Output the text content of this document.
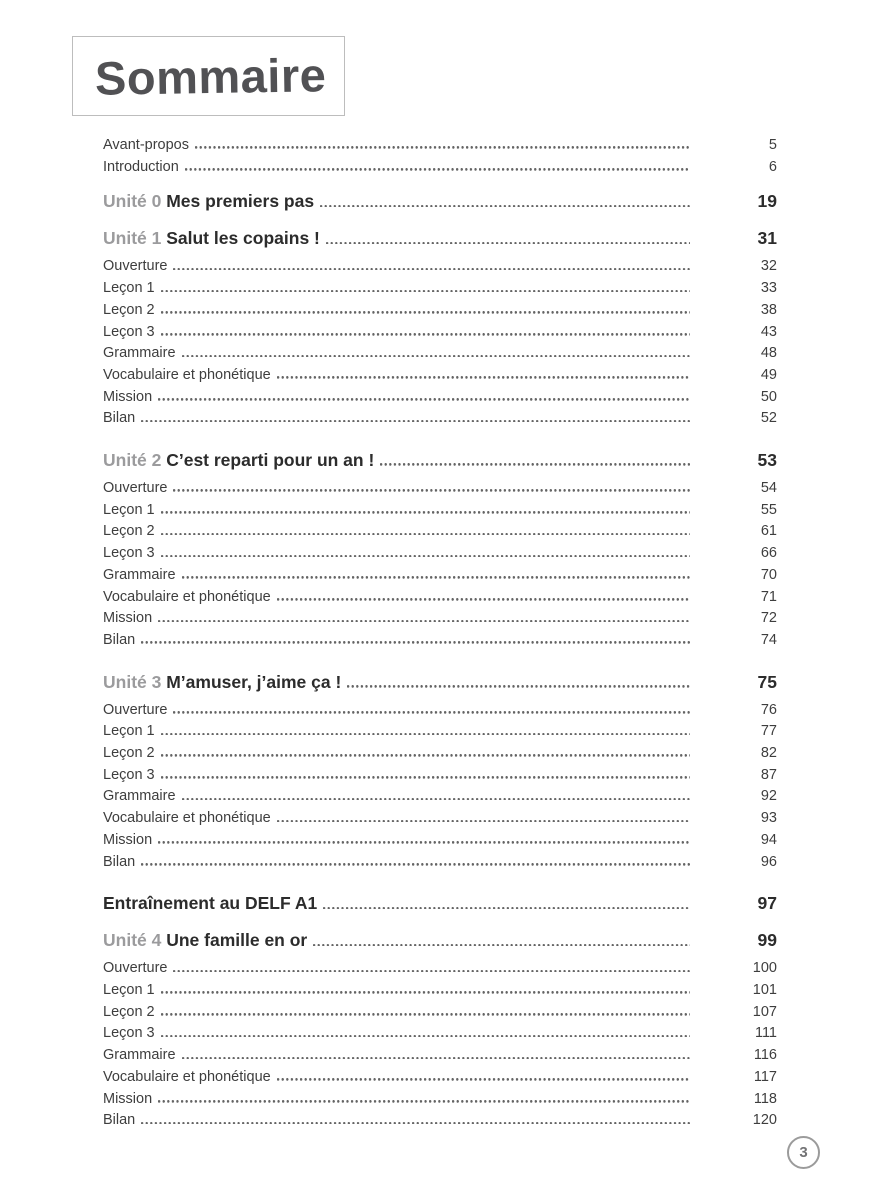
Sommaire
Avant-propos	5
Introduction	6
Unité 0 Mes premiers pas	19
Unité 1 Salut les copains !	31
Ouverture	32
Leçon 1	33
Leçon 2	38
Leçon 3	43
Grammaire	48
Vocabulaire et phonétique	49
Mission	50
Bilan	52
Unité 2 C’est reparti pour un an !	53
Ouverture	54
Leçon 1	55
Leçon 2	61
Leçon 3	66
Grammaire	70
Vocabulaire et phonétique	71
Mission	72
Bilan	74
Unité 3 M’amuser, j’aime ça !	75
Ouverture	76
Leçon 1	77
Leçon 2	82
Leçon 3	87
Grammaire	92
Vocabulaire et phonétique	93
Mission	94
Bilan	96
Entraînement au DELF A1	97
Unité 4 Une famille en or	99
Ouverture	100
Leçon 1	101
Leçon 2	107
Leçon 3	111
Grammaire	116
Vocabulaire et phonétique	117
Mission	118
Bilan	120
3
